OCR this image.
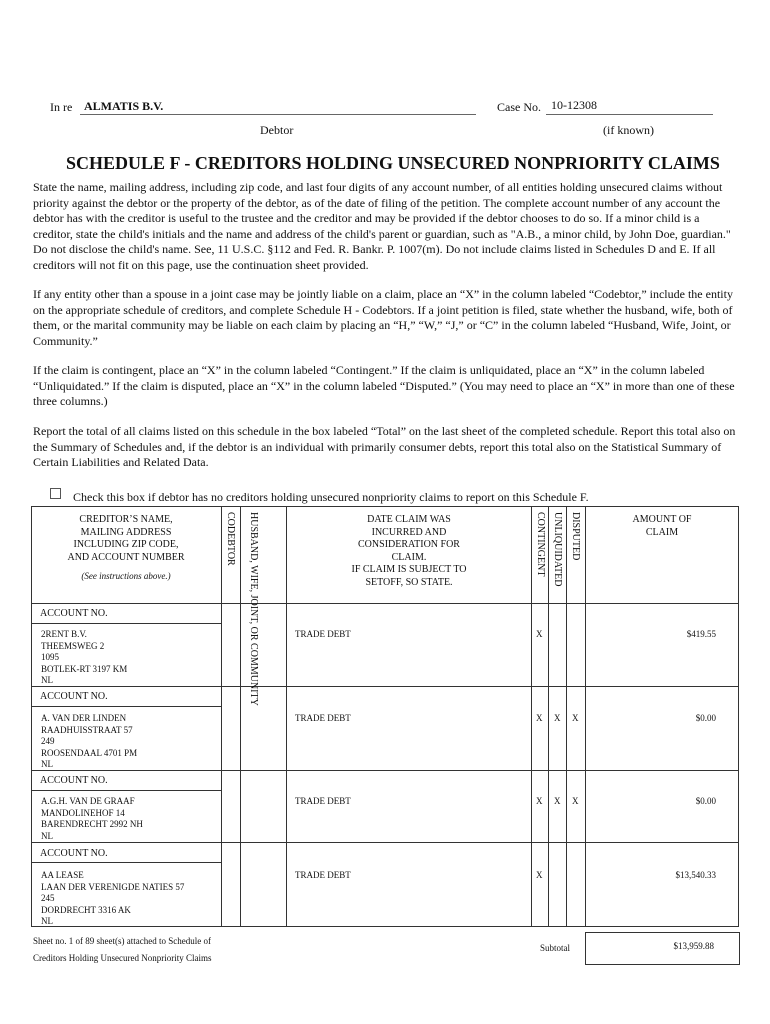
In re ALMATIS B.V.	Case No. 10-12308
Debtor	(if known)
SCHEDULE F - CREDITORS HOLDING UNSECURED NONPRIORITY CLAIMS
State the name, mailing address, including zip code, and last four digits of any account number, of all entities holding unsecured claims without priority against the debtor or the property of the debtor, as of the date of filing of the petition. The complete account number of any account the debtor has with the creditor is useful to the trustee and the creditor and may be provided if the debtor chooses to do so. If a minor child is a creditor, state the child's initials and the name and address of the child's parent or guardian, such as "A.B., a minor child, by John Doe, guardian." Do not disclose the child's name. See, 11 U.S.C. §112 and Fed. R. Bankr. P. 1007(m). Do not include claims listed in Schedules D and E. If all creditors will not fit on this page, use the continuation sheet provided.
If any entity other than a spouse in a joint case may be jointly liable on a claim, place an “X” in the column labeled “Codebtor,” include the entity on the appropriate schedule of creditors, and complete Schedule H - Codebtors. If a joint petition is filed, state whether the husband, wife, both of them, or the marital community may be liable on each claim by placing an “H,” “W,” “J,” or “C” in the column labeled “Husband, Wife, Joint, or Community.”
If the claim is contingent, place an “X” in the column labeled “Contingent.” If the claim is unliquidated, place an “X” in the column labeled “Unliquidated.” If the claim is disputed, place an “X” in the column labeled “Disputed.” (You may need to place an “X” in more than one of these three columns.)
Report the total of all claims listed on this schedule in the box labeled “Total” on the last sheet of the completed schedule. Report this total also on the Summary of Schedules and, if the debtor is an individual with primarily consumer debts, report this total also on the Statistical Summary of Certain Liabilities and Related Data.
Check this box if debtor has no creditors holding unsecured nonpriority claims to report on this Schedule F.
CREDITOR’S NAME,
MAILING ADDRESS
INCLUDING ZIP CODE,
AND ACCOUNT NUMBER
(See instructions above.)
CODEBTOR HUSBAND, WIFE, JOINT, OR COMMUNITY
DATE CLAIM WAS
INCURRED AND
CONSIDERATION FOR
CLAIM.
IF CLAIM IS SUBJECT TO
SETOFF, SO STATE.
CONTINGENT UNLIQUIDATED DISPUTED	AMOUNT OF
CLAIM
ACCOUNT NO.
2RENT B.V.
THEEMSWEG 2
1095
BOTLEK-RT 3197 KM
NL
TRADE DEBT	X	$419.55
ACCOUNT NO.
A. VAN DER LINDEN
RAADHUISSTRAAT 57
249
ROOSENDAAL 4701 PM
NL
TRADE DEBT	X X X	$0.00
ACCOUNT NO.
A.G.H. VAN DE GRAAF
MANDOLINEHOF 14
BARENDRECHT 2992 NH
NL
TRADE DEBT	X X X	$0.00
ACCOUNT NO.
AA LEASE
LAAN DER VERENIGDE NATIES 57
245
DORDRECHT 3316 AK
NL
TRADE DEBT	X	$13,540.33
Sheet no. 1 of 89 sheet(s) attached to Schedule of
Creditors Holding Unsecured Nonpriority Claims
Subtotal	$13,959.88
